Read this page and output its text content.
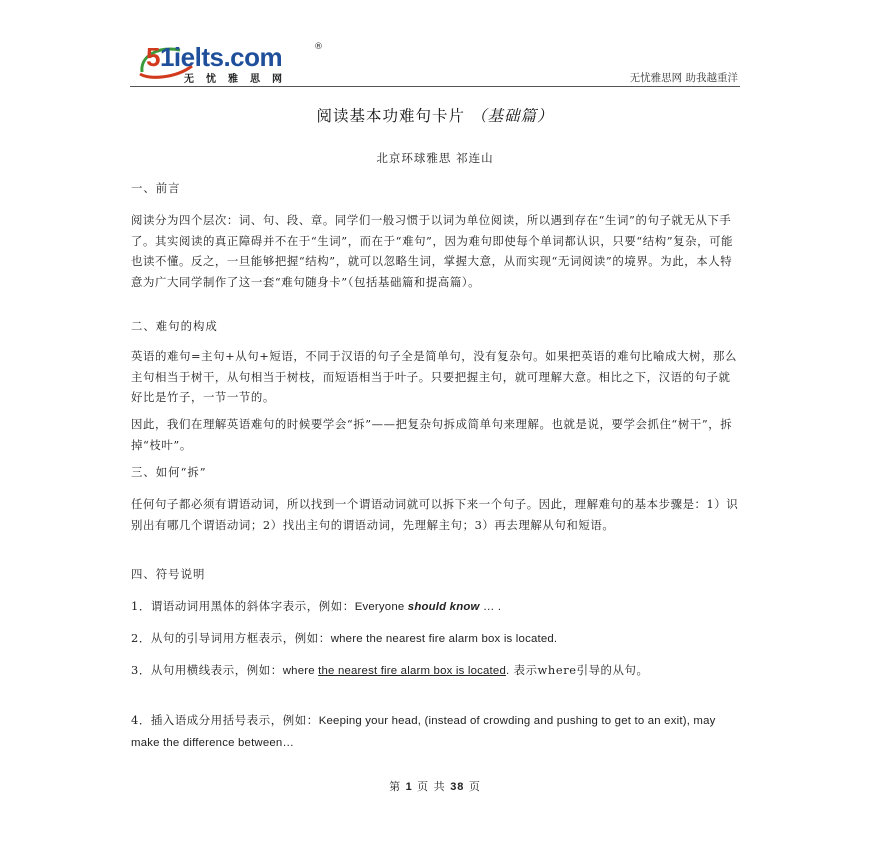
51ielts.com	®
无忧雅思网	无忧雅思网 助我越重洋
阅读基本功难句卡片 （基础篇）
北京环球雅思 祁连山
一、前言
阅读分为四个层次：词、句、段、章。同学们一般习惯于以词为单位阅读，所以遇到存在“生词”的句子就无从下手了。其实阅读的真正障碍并不在于“生词”，而在于“难句”，因为难句即使每个单词都认识，只要“结构”复杂，可能也读不懂。反之，一旦能够把握“结构”，就可以忽略生词，掌握大意，从而实现“无词阅读”的境界。为此，本人特意为广大同学制作了这一套“难句随身卡”（包括基础篇和提高篇）。
二、难句的构成
英语的难句=主句+从句+短语，不同于汉语的句子全是简单句，没有复杂句。如果把英语的难句比喻成大树，那么主句相当于树干，从句相当于树枝，而短语相当于叶子。只要把握主句，就可理解大意。相比之下，汉语的句子就好比是竹子，一节一节的。
因此，我们在理解英语难句的时候要学会“拆”——把复杂句拆成简单句来理解。也就是说，要学会抓住“树干”，拆掉“枝叶”。
三、如何“拆”
任何句子都必须有谓语动词，所以找到一个谓语动词就可以拆下来一个句子。因此，理解难句的基本步骤是：1）识别出有哪几个谓语动词；2）找出主句的谓语动词，先理解主句；3）再去理解从句和短语。
四、符号说明
1．谓语动词用黑体的斜体字表示，例如：Everyone should know … .
2．从句的引导词用方框表示，例如：where the nearest fire alarm box is located.
3．从句用横线表示，例如：where the nearest fire alarm box is located. 表示where引导的从句。
4．插入语成分用括号表示，例如：Keeping your head, (instead of crowding and pushing to get to an exit), may make the difference between…
第 1 页 共 38 页
